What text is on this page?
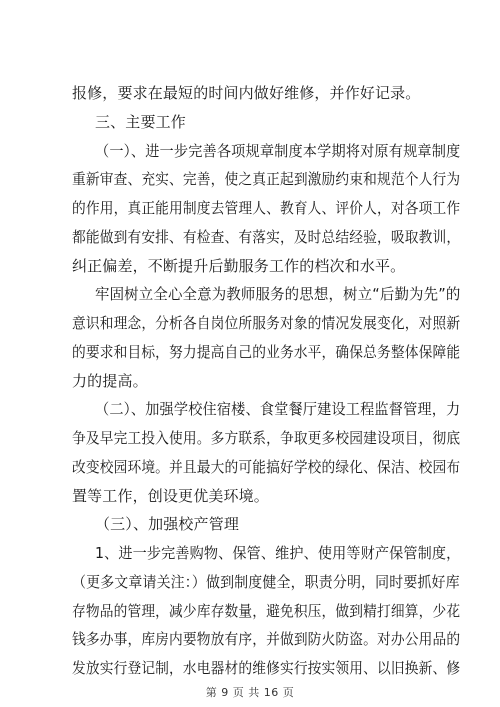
报修，要求在最短的时间内做好维修，并作好记录。
三、主要工作
（一）、进一步完善各项规章制度本学期将对原有规章制度
重新审查、充实、完善，使之真正起到激励约束和规范个人行为
的作用，真正能用制度去管理人、教育人、评价人，对各项工作
都能做到有安排、有检查、有落实，及时总结经验，吸取教训，
纠正偏差，不断提升后勤服务工作的档次和水平。
牢固树立全心全意为教师服务的思想，树立“后勤为先”的
意识和理念，分析各自岗位所服务对象的情况发展变化，对照新
的要求和目标，努力提高自己的业务水平，确保总务整体保障能
力的提高。
（二）、加强学校住宿楼、食堂餐厅建设工程监督管理，力
争及早完工投入使用。多方联系，争取更多校园建设项目，彻底
改变校园环境。并且最大的可能搞好学校的绿化、保洁、校园布
置等工作，创设更优美环境。
（三）、加强校产管理
1、进一步完善购物、保管、维护、使用等财产保管制度，
（更多文章请关注：）做到制度健全，职责分明，同时要抓好库
存物品的管理，减少库存数量，避免积压，做到精打细算，少花
钱多办事，库房内要物放有序，并做到防火防盗。对办公用品的
发放实行登记制，水电器材的维修实行按实领用、以旧换新、修
第 9 页 共 16 页
